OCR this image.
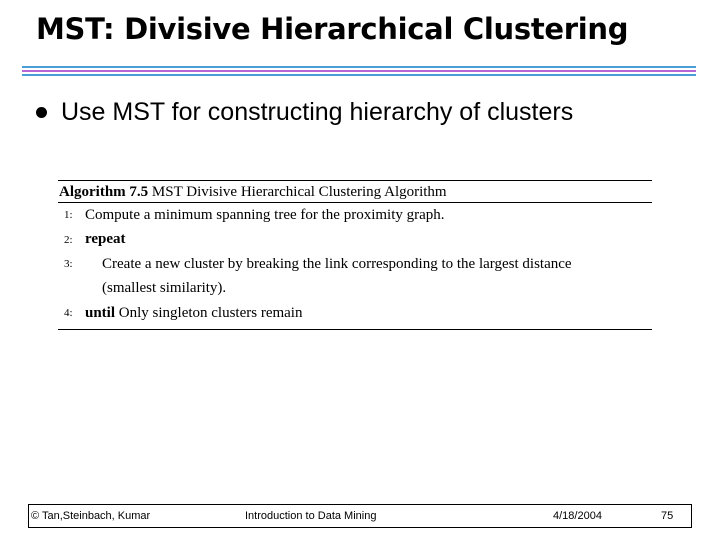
MST: Divisive Hierarchical Clustering
Use MST for constructing hierarchy of clusters
Algorithm 7.5 MST Divisive Hierarchical Clustering Algorithm
1: Compute a minimum spanning tree for the proximity graph.
2: repeat
3:	Create a new cluster by breaking the link corresponding to the largest distance
(smallest similarity).
4: until Only singleton clusters remain
© Tan,Steinbach, Kumar	Introduction to Data Mining	4/18/2004	75
